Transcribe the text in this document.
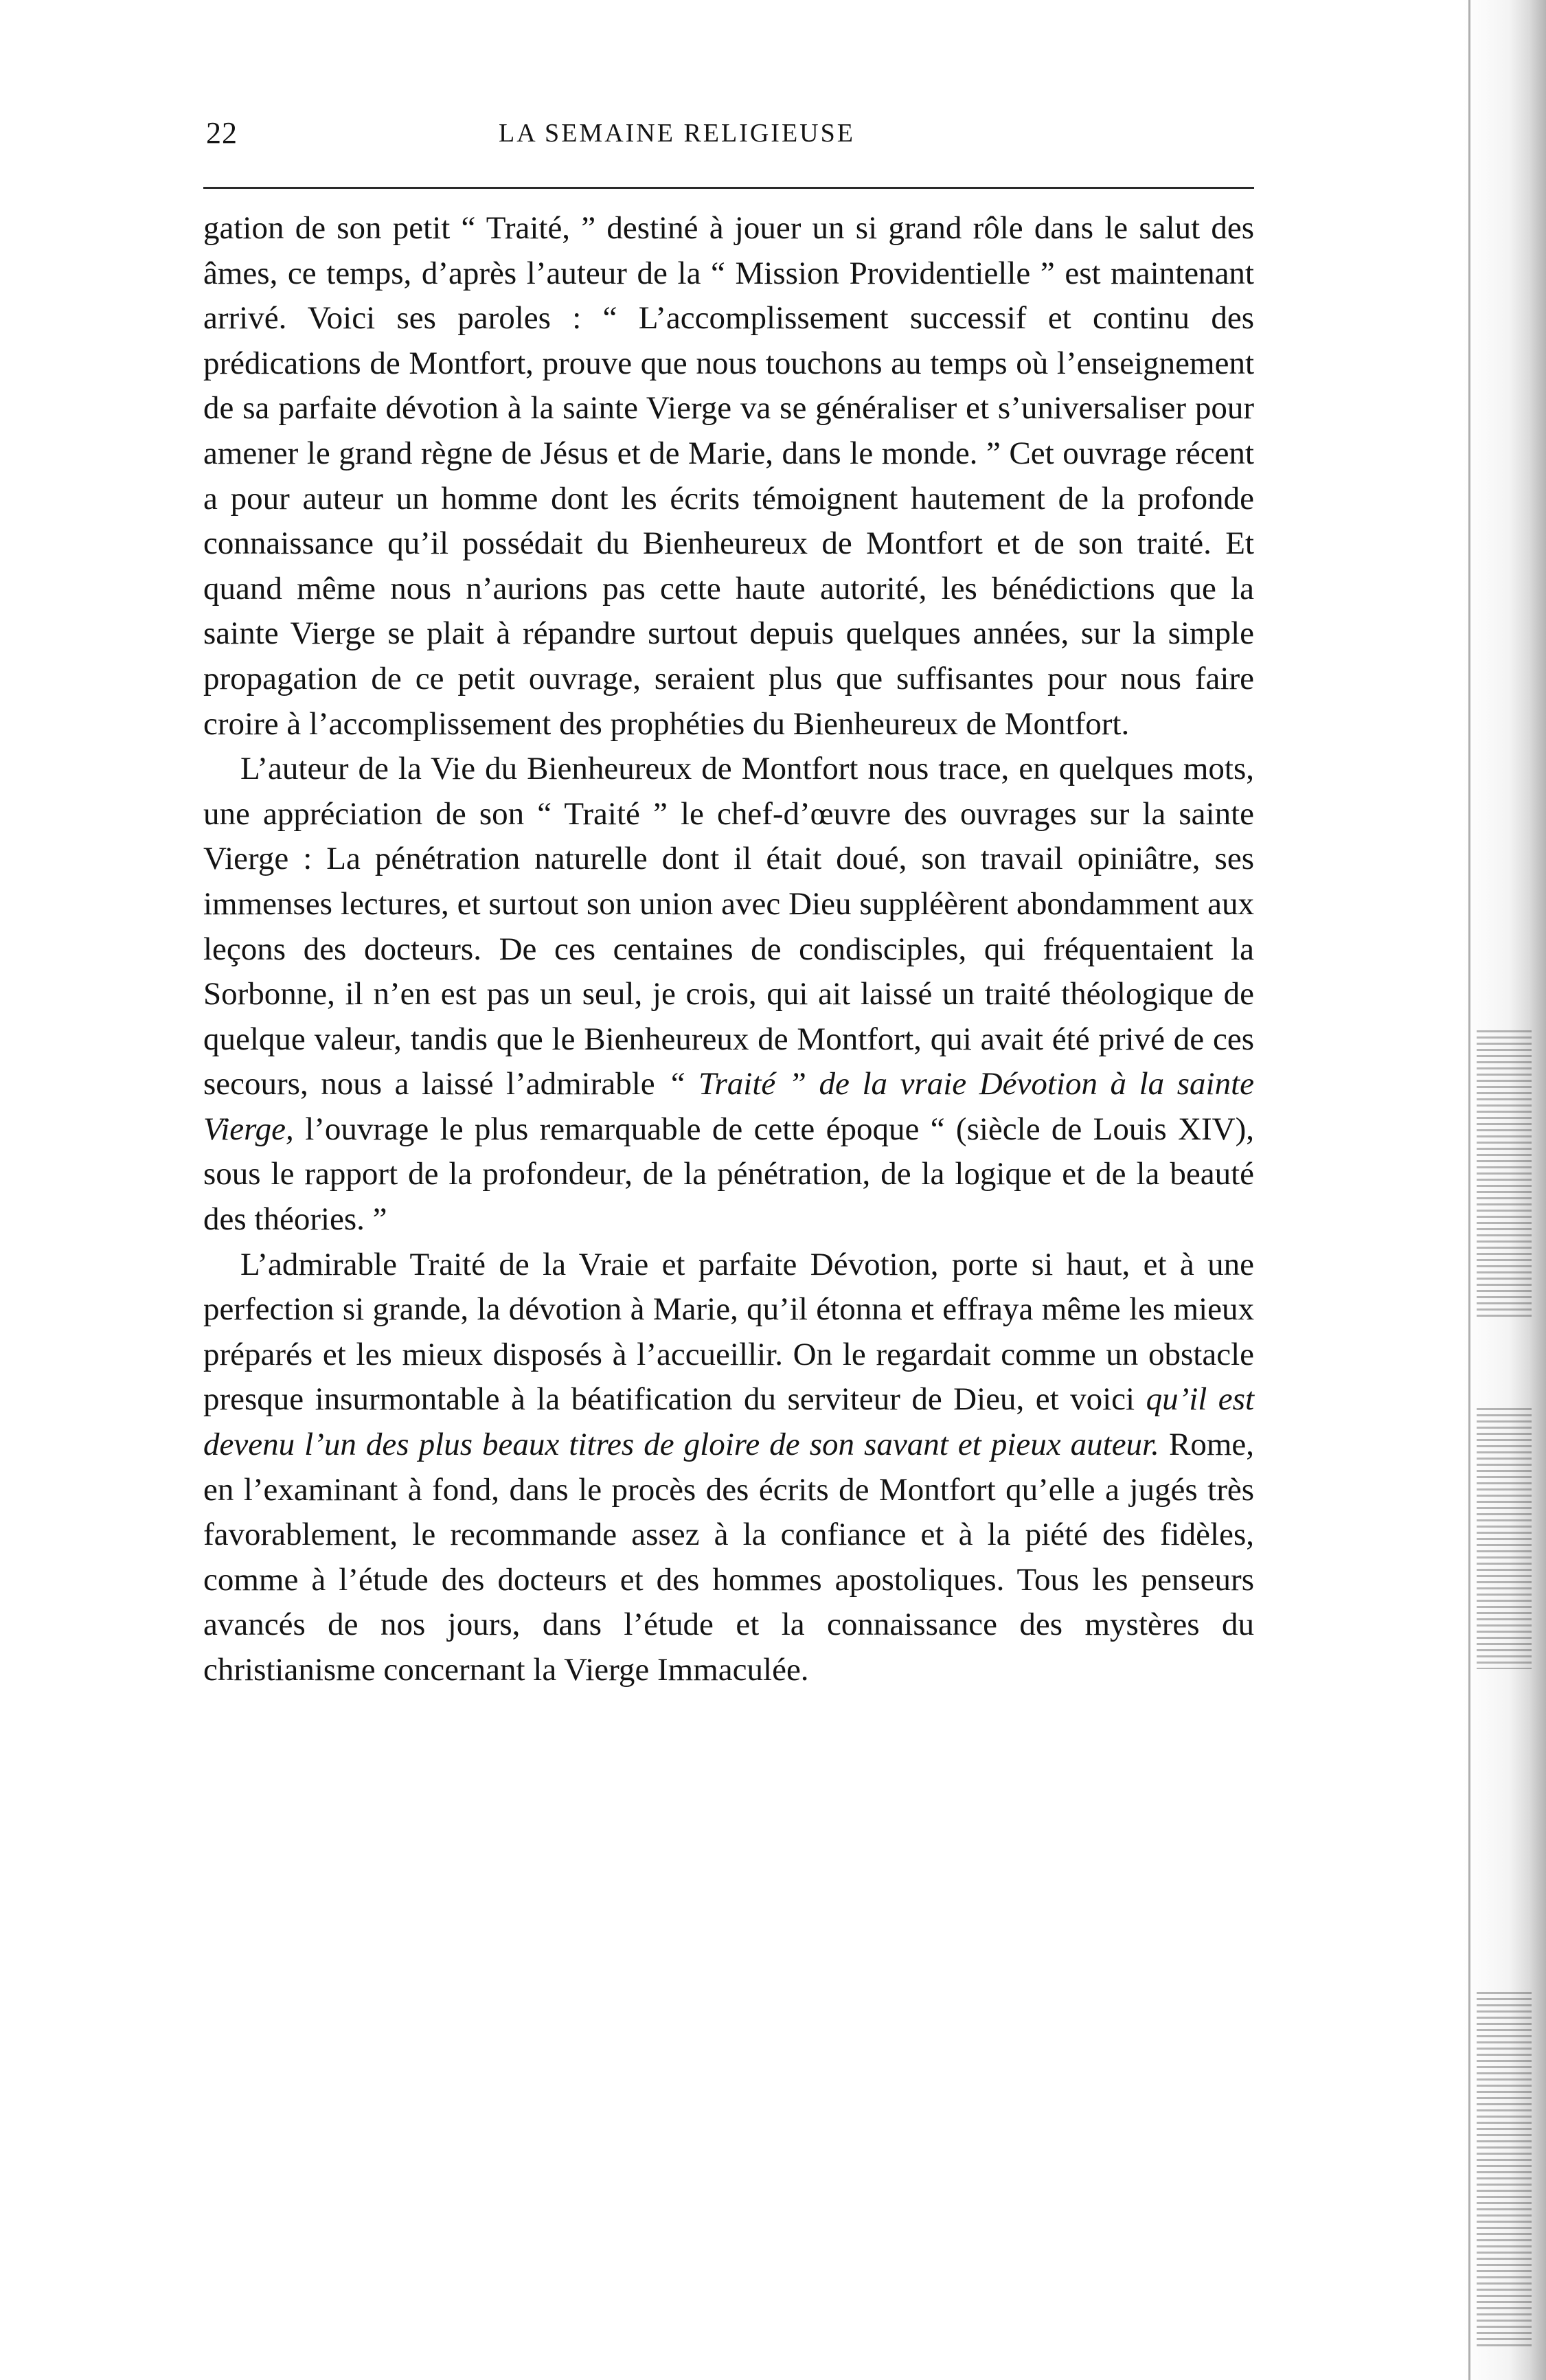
22	LA SEMAINE RELIGIEUSE

gation de son petit “ Traité, ” destiné à jouer un si grand rôle dans le salut des âmes, ce temps, d’après l’auteur de la “ Mission Providentielle ” est maintenant arrivé. Voici ses paroles : “ L’accomplissement successif et continu des prédications de Montfort, prouve que nous touchons au temps où l’enseignement de sa parfaite dévotion à la sainte Vierge va se généraliser et s’universaliser pour amener le grand règne de Jésus et de Marie, dans le monde. ” Cet ouvrage récent a pour auteur un homme dont les écrits témoignent hautement de la profonde connaissance qu’il possédait du Bienheureux de Montfort et de son traité. Et quand même nous n’aurions pas cette haute autorité, les bénédictions que la sainte Vierge se plait à répandre surtout depuis quelques années, sur la simple propagation de ce petit ouvrage, seraient plus que suffisantes pour nous faire croire à l’accomplissement des prophéties du Bienheureux de Montfort.

L’auteur de la Vie du Bienheureux de Montfort nous trace, en quelques mots, une appréciation de son “ Traité ” le chef-d’œuvre des ouvrages sur la sainte Vierge : La pénétration naturelle dont il était doué, son travail opiniâtre, ses immenses lectures, et surtout son union avec Dieu suppléèrent abondamment aux leçons des docteurs. De ces centaines de condisciples, qui fréquentaient la Sorbonne, il n’en est pas un seul, je crois, qui ait laissé un traité théologique de quelque valeur, tandis que le Bienheureux de Montfort, qui avait été privé de ces secours, nous a laissé l’admirable “ Traité ” de la vraie Dévotion à la sainte Vierge, l’ouvrage le plus remarquable de cette époque “ (siècle de Louis XIV), sous le rapport de la profondeur, de la pénétration, de la logique et de la beauté des théories. ”

L’admirable Traité de la Vraie et parfaite Dévotion, porte si haut, et à une perfection si grande, la dévotion à Marie, qu’il étonna et effraya même les mieux préparés et les mieux disposés à l’accueillir. On le regardait comme un obstacle presque insurmontable à la béatification du serviteur de Dieu, et voici qu’il est devenu l’un des plus beaux titres de gloire de son savant et pieux auteur. Rome, en l’examinant à fond, dans le procès des écrits de Montfort qu’elle a jugés très favorablement, le recommande assez à la confiance et à la piété des fidèles, comme à l’étude des docteurs et des hommes apostoliques. Tous les penseurs avancés de nos jours, dans l’étude et la connaissance des mystères du christianisme concernant la Vierge Immaculée.
